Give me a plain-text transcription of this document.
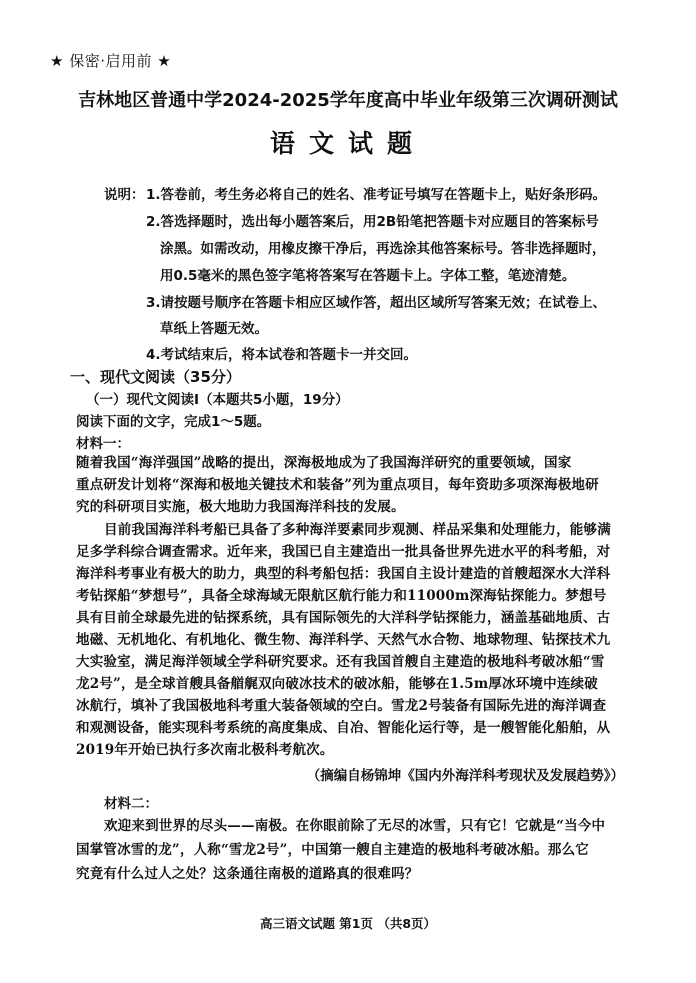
★ 保密·启用前 ★
吉林地区普通中学2024-2025学年度高中毕业年级第三次调研测试
语文试题
说明： 1.答卷前，考生务必将自己的姓名、准考证号填写在答题卡上，贴好条形码。
2.答选择题时，选出每小题答案后，用2B铅笔把答题卡对应题目的答案标号
涂黑。如需改动，用橡皮擦干净后，再选涂其他答案标号。答非选择题时，
用0.5毫米的黑色签字笔将答案写在答题卡上。字体工整，笔迹清楚。
3.请按题号顺序在答题卡相应区域作答，超出区域所写答案无效；在试卷上、
草纸上答题无效。
4.考试结束后，将本试卷和答题卡一并交回。
一、现代文阅读（35分）
（一）现代文阅读Ⅰ（本题共5小题，19分）
阅读下面的文字，完成1～5题。
材料一：
随着我国“海洋强国”战略的提出，深海极地成为了我国海洋研究的重要领域，国家
重点研发计划将“深海和极地关键技术和装备”列为重点项目，每年资助多项深海极地研
究的科研项目实施，极大地助力我国海洋科技的发展。
目前我国海洋科考船已具备了多种海洋要素同步观测、样品采集和处理能力，能够满
足多学科综合调查需求。近年来，我国已自主建造出一批具备世界先进水平的科考船，对
海洋科考事业有极大的助力，典型的科考船包括：我国自主设计建造的首艘超深水大洋科
考钻探船“梦想号”，具备全球海域无限航区航行能力和11000m深海钻探能力。梦想号
具有目前全球最先进的钻探系统，具有国际领先的大洋科学钻探能力，涵盖基础地质、古
地磁、无机地化、有机地化、微生物、海洋科学、天然气水合物、地球物理、钻探技术九
大实验室，满足海洋领域全学科研究要求。还有我国首艘自主建造的极地科考破冰船“雪
龙2号”，是全球首艘具备艏艉双向破冰技术的破冰船，能够在1.5m厚冰环境中连续破
冰航行，填补了我国极地科考重大装备领域的空白。雪龙2号装备有国际先进的海洋调查
和观测设备，能实现科考系统的高度集成、自冶、智能化运行等，是一艘智能化船舶，从
（摘编自杨锦坤《国内外海洋科考现状及发展趋势》）
材料二：
欢迎来到世界的尽头——南极。在你眼前除了无尽的冰雪，只有它！它就是“当今中
国掌管冰雪的龙”，人称“雪龙2号”，中国第一艘自主建造的极地科考破冰船。那么它
究竟有什么过人之处？这条通往南极的道路真的很难吗？
高三语文试题 第1页 （共8页）
2019年开始已执行多次南北极科考航次。
